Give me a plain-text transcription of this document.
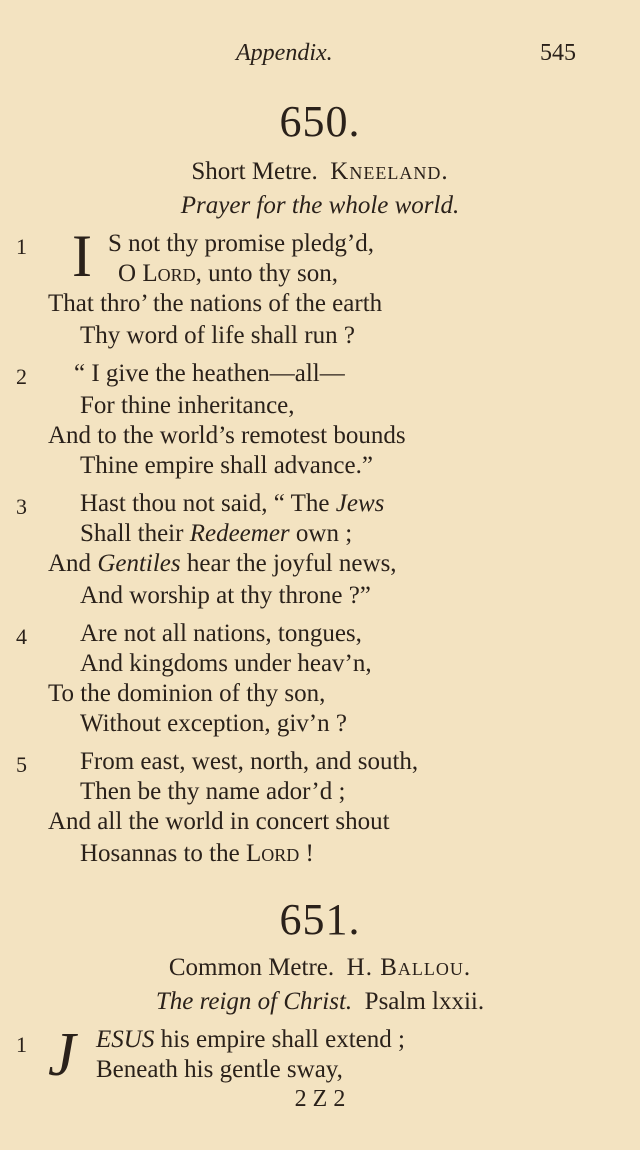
Appendix.	545
650.
Short Metre. Kneeland.
Prayer for the whole world.
1 I S not thy promise pledg’d,
O Lord, unto thy son,
That thro’ the nations of the earth
Thy word of life shall run ?
2 “ I give the heathen—all—
For thine inheritance,
And to the world’s remotest bounds
Thine empire shall advance.”
3 Hast thou not said, “ The Jews
Shall their Redeemer own ;
And Gentiles hear the joyful news,
And worship at thy throne ?”
4 Are not all nations, tongues,
And kingdoms under heav’n,
To the dominion of thy son,
Without exception, giv’n ?
5 From east, west, north, and south,
Then be thy name ador’d ;
And all the world in concert shout
Hosannas to the Lord !
651.
Common Metre. H. Ballou.
The reign of Christ. Psalm lxxii.
1 J ESUS his empire shall extend ;
Beneath his gentle sway,
2 Z 2
